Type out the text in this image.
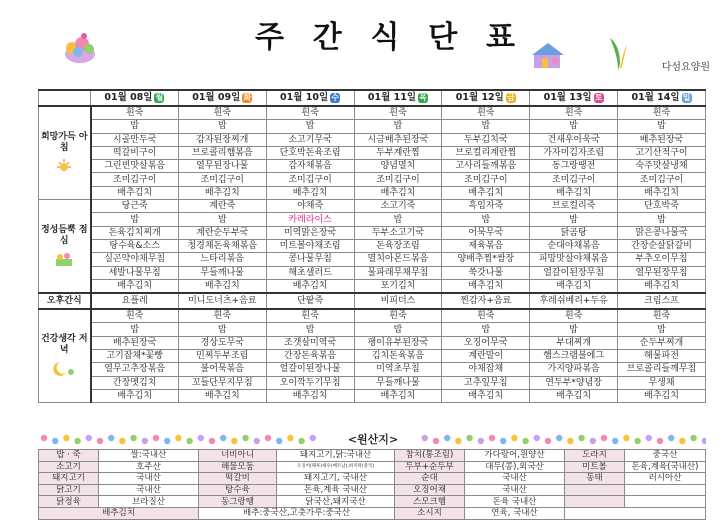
주 간 식 단 표
다섬요양원
	01월 08일 월	01월 09일 화	01월 10일 수	01월 11일 목	01월 12일 금	01월 13일 토	01월 14일 일
희망가득 아침	흰죽	흰죽	흰죽	흰죽	흰죽	흰죽	흰죽
	밥	밥	밥	밥	밥	밥	밥
	시골만두국	감자된장찌개	소고기무국	시금배추된장국	두부김치국	건새우아욱국	배추된장국
	떡갈비구이	브로콜리햄볶음	단호박돈육조림	두부계란찜	브로컬리계란찜	가자미김자조림	고기산적구이
	그린빈맛살볶음	열무된장나물	감자채볶음	양념멸치	고사리들깨볶음	동그랑땡전	숙주맛살냉채
	조미김구이	조미김구이	조미김구이	조미김구이	조미김구이	조미김구이	조미김구이
	배추김치	배추김치	배추김치	배추김치	배추김치	배추김치	배추김치
정성듬뿍 점심	당근죽	계란죽	야채죽	소고기죽	흑임자죽	브로컬리죽	단호박죽
	밥	밥	카레라이스	밥	밥	밥	밥
	돈육김치찌개	계란순두부국	미역맑은장국	두부소고기국	어묵무국	닭곰탕	맑은콩나물국
	탕수육&소스	청경채돈육채볶음	미트볼야채조림	돈육장조림	제육볶음	순대야채볶음	간장순살닭갈비
	실곤약야채무침	느타리볶음	콩나물무침	멸치아몬드볶음	양배추찜*쌈장	피망맛살야채볶음	부추오이무침
	세발나물무침	무들깨나물	해초샐러드	물파래무채무침	쑥갓나물	얼갈이된장무침	열무된장무침
	배추김치	배추김치	배추김치	포기김치	배추김치	배추김치	배추김치
오후간식	요플레	미니도너츠+음료	단팥죽	비피더스	찐감자+음료	후레쉬베리+두유	크림스프
건강생각 저녁	흰죽	흰죽	흰죽	흰죽	흰죽	흰죽	흰죽
	밥	밥	밥	밥	밥	밥	밥
	배추된장국	경상도무국	조갯살미역국	팽이유부된장국	오징어무국	부대찌개	순두부찌개
	고기잡채*꽃빵	민찌두부조림	간장돈육볶음	김치돈육볶음	계란말이	햄스크램블에그	해물파전
	열무고추장볶음	불어묵볶음	얼갈이된장나물	미역초무침	야채잡채	가지양파볶음	브로콜리들깨무침
	간장멧김치	꼬들단무지무침	오이깍두기무침	무들깨나물	고추잎무침	연두부*양념장	무생채
	배추김치	배추김치	배추김치	배추김치	배추김치	배추김치	배추김치
<원산지>
밥 · 죽	쌀:국내산	너비아니	돼지고기,닭:국내산	참치(통조림)	가다랑어,원양산	도라지	중국산
소고기	호주산	해물모둠	오징어(페루)새우(베트남),바지락(중국)	두부+순두부	대두(콩),외국산	미트볼	돈육,계육(국내산)
돼지고기	국내산	떡갈비	돼지고기, 국내산	순대	국내산	동태	러시아산
닭고기	국내산	탕수육	돈육,계육 국내산	오징어채	국내산		
닭정육	브라질산	동그랑땡	닭국산,돼지국산	스모크햄	돈육 국내산		
배추김치		배추:중국산,고춧가루:중국산		소시지	연육, 국내산		
